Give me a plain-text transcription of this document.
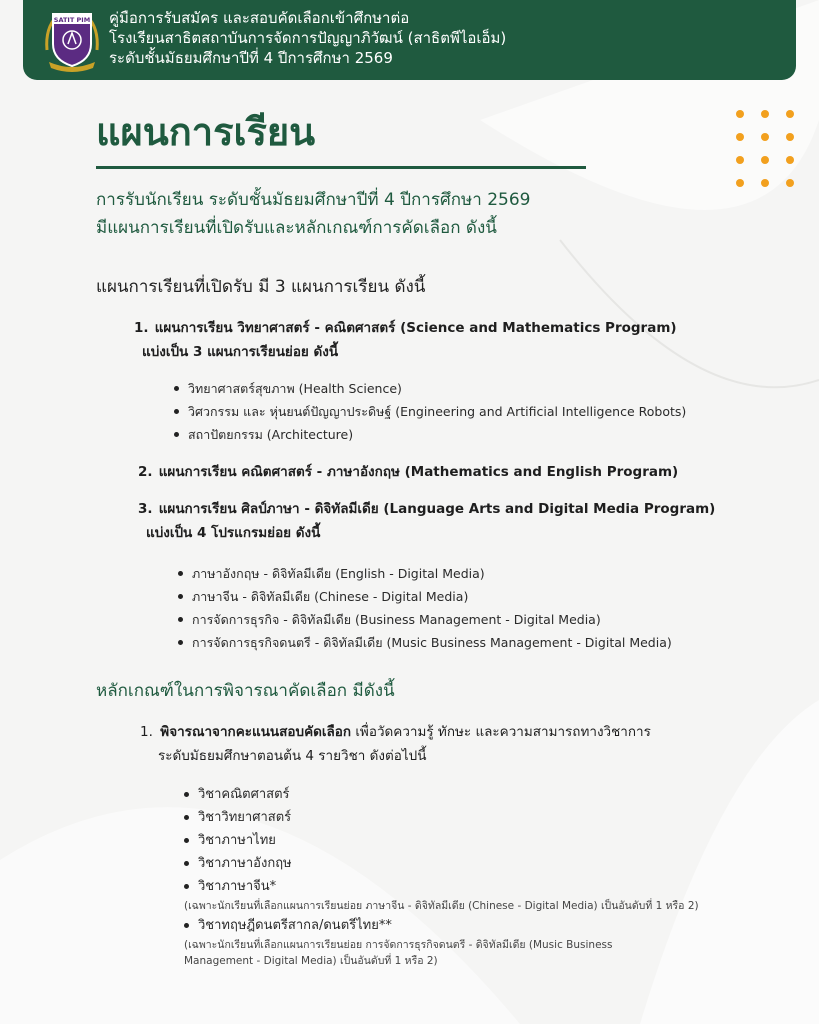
SATIT PIM คู่มือการรับสมัคร และสอบคัดเลือกเข้าศึกษาต่อ
โรงเรียนสาธิตสถาบันการจัดการปัญญาภิวัฒน์ (สาธิตพีไอเอ็ม)
ระดับชั้นมัธยมศึกษาปีที่ 4 ปีการศึกษา 2569
แผนการเรียน
การรับนักเรียน ระดับชั้นมัธยมศึกษาปีที่ 4 ปีการศึกษา 2569
มีแผนการเรียนที่เปิดรับและหลักเกณฑ์การคัดเลือก ดังนี้
แผนการเรียนที่เปิดรับ มี 3 แผนการเรียน ดังนี้
1. แผนการเรียน วิทยาศาสตร์ - คณิตศาสตร์ (Science and Mathematics Program)
แบ่งเป็น 3 แผนการเรียนย่อย ดังนี้
วิทยาศาสตร์สุขภาพ (Health Science)
วิศวกรรม และ หุ่นยนต์ปัญญาประดิษฐ์ (Engineering and Artificial Intelligence Robots)
สถาปัตยกรรม (Architecture)
2. แผนการเรียน คณิตศาสตร์ - ภาษาอังกฤษ (Mathematics and English Program)
3. แผนการเรียน ศิลป์ภาษา - ดิจิทัลมีเดีย (Language Arts and Digital Media Program)
แบ่งเป็น 4 โปรแกรมย่อย ดังนี้
ภาษาอังกฤษ - ดิจิทัลมีเดีย (English - Digital Media)
ภาษาจีน - ดิจิทัลมีเดีย (Chinese - Digital Media)
การจัดการธุรกิจ - ดิจิทัลมีเดีย (Business Management - Digital Media)
การจัดการธุรกิจดนตรี - ดิจิทัลมีเดีย (Music Business Management - Digital Media)
หลักเกณฑ์ในการพิจารณาคัดเลือก มีดังนี้
1. พิจารณาจากคะแนนสอบคัดเลือก เพื่อวัดความรู้ ทักษะ และความสามารถทางวิชาการ
ระดับมัธยมศึกษาตอนต้น 4 รายวิชา ดังต่อไปนี้
วิชาคณิตศาสตร์
วิชาวิทยาศาสตร์
วิชาภาษาไทย
วิชาภาษาอังกฤษ
วิชาภาษาจีน*
(เฉพาะนักเรียนที่เลือกแผนการเรียนย่อย ภาษาจีน - ดิจิทัลมีเดีย (Chinese - Digital Media) เป็นอันดับที่ 1 หรือ 2)
วิชาทฤษฎีดนตรีสากล/ดนตรีไทย**
(เฉพาะนักเรียนที่เลือกแผนการเรียนย่อย การจัดการธุรกิจดนตรี - ดิจิทัลมีเดีย (Music Business
Management - Digital Media) เป็นอันดับที่ 1 หรือ 2)
